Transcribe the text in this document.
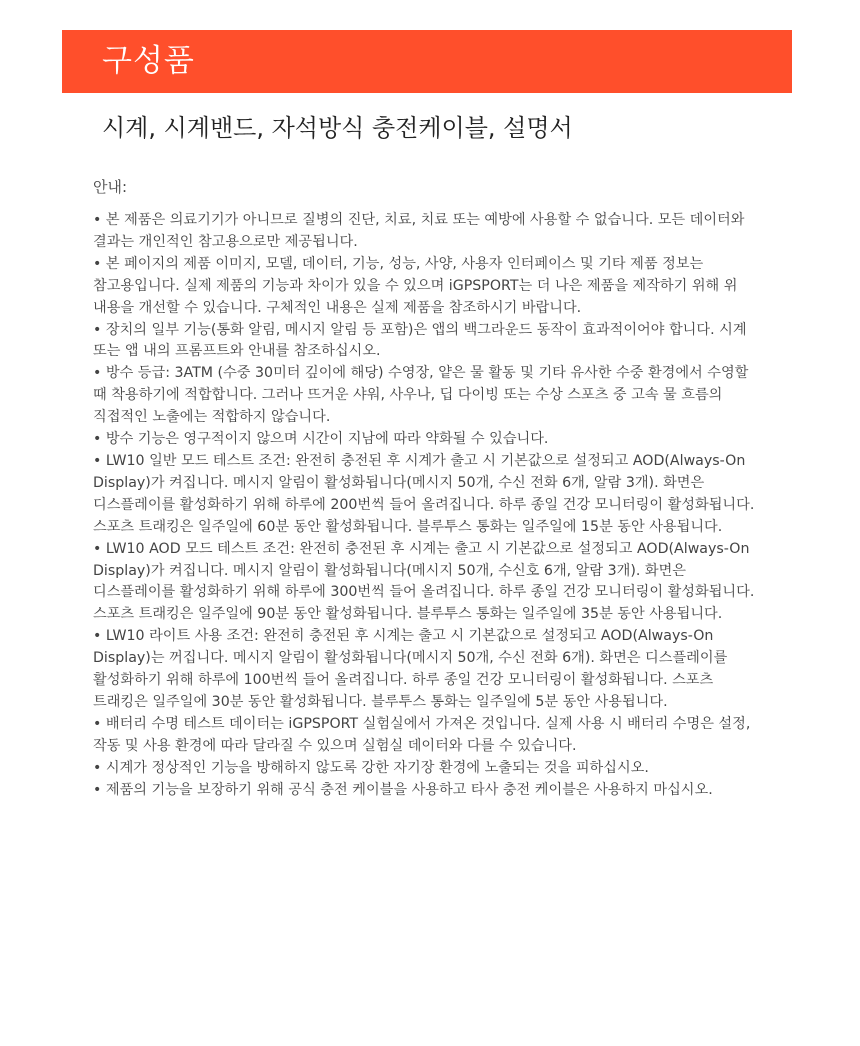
구성품
시계, 시계밴드, 자석방식 충전케이블, 설명서
안내:
• 본 제품은 의료기기가 아니므로 질병의 진단, 치료, 치료 또는 예방에 사용할 수 없습니다. 모든 데이터와 결과는 개인적인 참고용으로만 제공됩니다.
• 본 페이지의 제품 이미지, 모델, 데이터, 기능, 성능, 사양, 사용자 인터페이스 및 기타 제품 정보는 참고용입니다. 실제 제품의 기능과 차이가 있을 수 있으며 iGPSPORT는 더 나은 제품을 제작하기 위해 위 내용을 개선할 수 있습니다. 구체적인 내용은 실제 제품을 참조하시기 바랍니다.
• 장치의 일부 기능(통화 알림, 메시지 알림 등 포함)은 앱의 백그라운드 동작이 효과적이어야 합니다. 시계 또는 앱 내의 프롬프트와 안내를 참조하십시오.
• 방수 등급: 3ATM (수중 30미터 깊이에 해당) 수영장, 얕은 물 활동 및 기타 유사한 수중 환경에서 수영할 때 착용하기에 적합합니다. 그러나 뜨거운 샤워, 사우나, 딥 다이빙 또는 수상 스포츠 중 고속 물 흐름의 직접적인 노출에는 적합하지 않습니다.
• 방수 기능은 영구적이지 않으며 시간이 지남에 따라 약화될 수 있습니다.
• LW10 일반 모드 테스트 조건: 완전히 충전된 후 시계가 출고 시 기본값으로 설정되고 AOD(Always-On Display)가 켜집니다. 메시지 알림이 활성화됩니다(메시지 50개, 수신 전화 6개, 알람 3개). 화면은 디스플레이를 활성화하기 위해 하루에 200번씩 들어 올려집니다. 하루 종일 건강 모니터링이 활성화됩니다. 스포츠 트래킹은 일주일에 60분 동안 활성화됩니다. 블루투스 통화는 일주일에 15분 동안 사용됩니다.
• LW10 AOD 모드 테스트 조건: 완전히 충전된 후 시계는 출고 시 기본값으로 설정되고 AOD(Always-On Display)가 켜집니다. 메시지 알림이 활성화됩니다(메시지 50개, 수신호 6개, 알람 3개). 화면은 디스플레이를 활성화하기 위해 하루에 300번씩 들어 올려집니다. 하루 종일 건강 모니터링이 활성화됩니다. 스포츠 트래킹은 일주일에 90분 동안 활성화됩니다. 블루투스 통화는 일주일에 35분 동안 사용됩니다.
• LW10 라이트 사용 조건: 완전히 충전된 후 시계는 출고 시 기본값으로 설정되고 AOD(Always-On Display)는 꺼집니다. 메시지 알림이 활성화됩니다(메시지 50개, 수신 전화 6개). 화면은 디스플레이를 활성화하기 위해 하루에 100번씩 들어 올려집니다. 하루 종일 건강 모니터링이 활성화됩니다. 스포츠 트래킹은 일주일에 30분 동안 활성화됩니다. 블루투스 통화는 일주일에 5분 동안 사용됩니다.
• 배터리 수명 테스트 데이터는 iGPSPORT 실험실에서 가져온 것입니다. 실제 사용 시 배터리 수명은 설정, 작동 및 사용 환경에 따라 달라질 수 있으며 실험실 데이터와 다를 수 있습니다.
• 시계가 정상적인 기능을 방해하지 않도록 강한 자기장 환경에 노출되는 것을 피하십시오.
• 제품의 기능을 보장하기 위해 공식 충전 케이블을 사용하고 타사 충전 케이블은 사용하지 마십시오.
